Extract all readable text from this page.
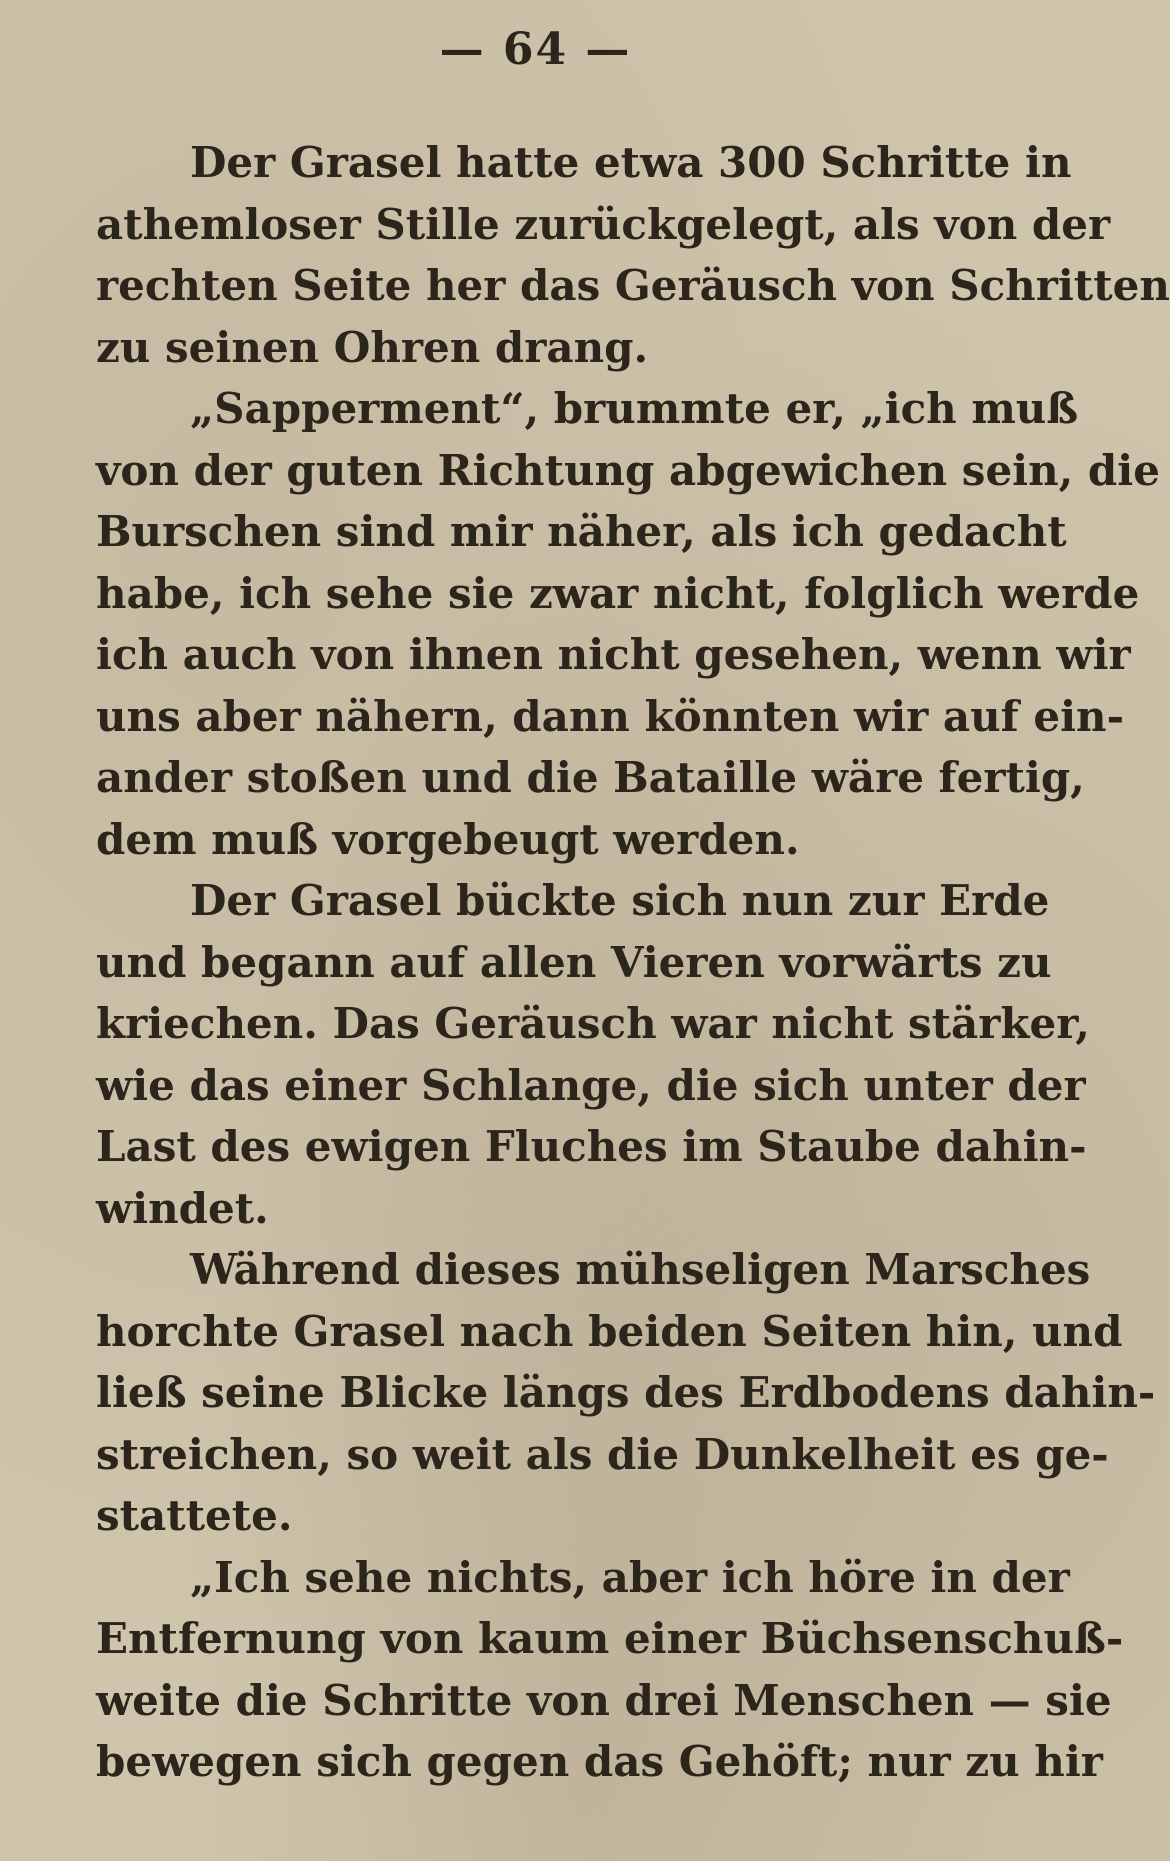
— 64 —
Der Grasel hatte etwa 300 Schritte in
athemloser Stille zurückgelegt, als von der
rechten Seite her das Geräusch von Schritten
zu seinen Ohren drang.
„Sapperment“, brummte er, „ich muß
von der guten Richtung abgewichen sein, die
Burschen sind mir näher, als ich gedacht
habe, ich sehe sie zwar nicht, folglich werde
ich auch von ihnen nicht gesehen, wenn wir
uns aber nähern, dann könnten wir auf ein-
ander stoßen und die Bataille wäre fertig,
dem muß vorgebeugt werden.
Der Grasel bückte sich nun zur Erde
und begann auf allen Vieren vorwärts zu
kriechen. Das Geräusch war nicht stärker,
wie das einer Schlange, die sich unter der
Last des ewigen Fluches im Staube dahin-
windet.
Während dieses mühseligen Marsches
horchte Grasel nach beiden Seiten hin, und
ließ seine Blicke längs des Erdbodens dahin-
streichen, so weit als die Dunkelheit es ge-
stattete.
„Ich sehe nichts, aber ich höre in der
Entfernung von kaum einer Büchsenschuß-
weite die Schritte von drei Menschen — sie
bewegen sich gegen das Gehöft; nur zu hir
